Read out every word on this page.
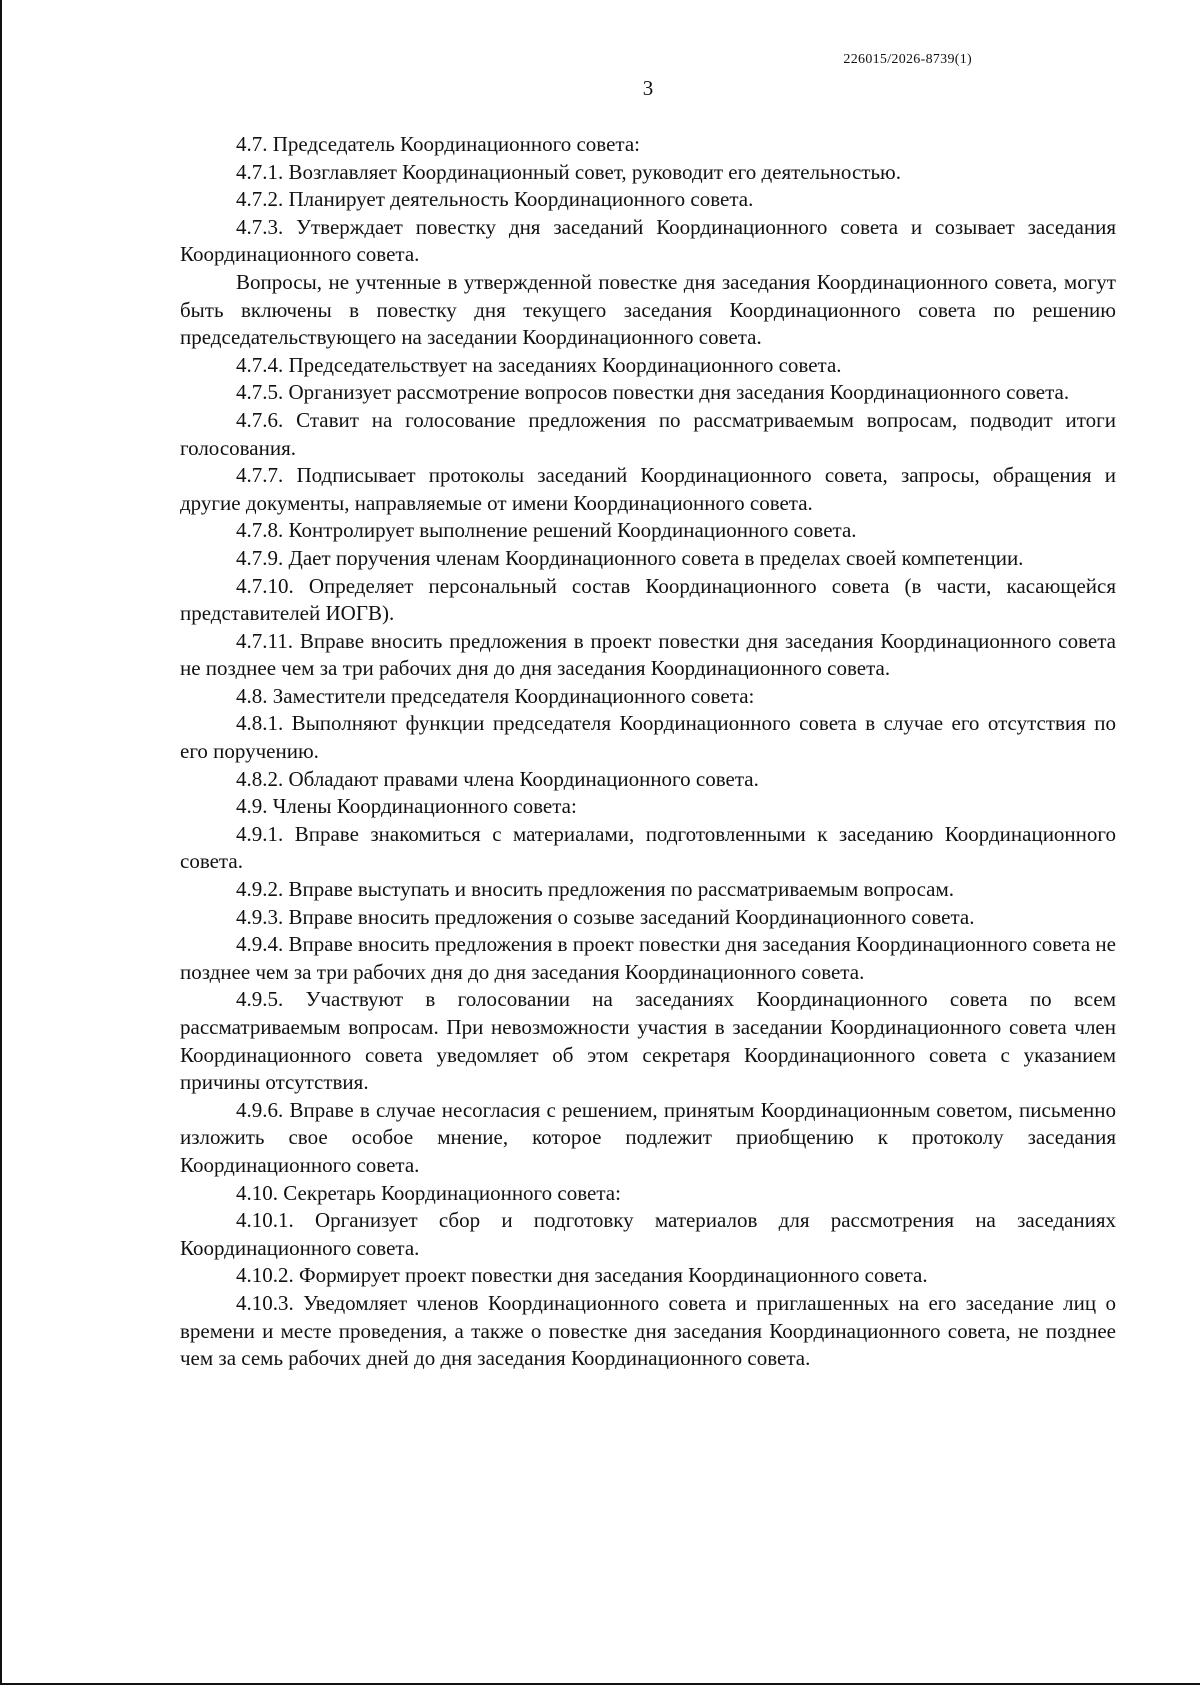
226015/2026-8739(1)
3

4.7. Председатель Координационного совета:

4.7.1. Возглавляет Координационный совет, руководит его деятельностью.

4.7.2. Планирует деятельность Координационного совета.

4.7.3. Утверждает повестку дня заседаний Координационного совета и созывает заседания Координационного совета.

Вопросы, не учтенные в утвержденной повестке дня заседания Координационного совета, могут быть включены в повестку дня текущего заседания Координационного совета по решению председательствующего на заседании Координационного совета.

4.7.4. Председательствует на заседаниях Координационного совета.

4.7.5. Организует рассмотрение вопросов повестки дня заседания Координационного совета.

4.7.6. Ставит на голосование предложения по рассматриваемым вопросам, подводит итоги голосования.

4.7.7. Подписывает протоколы заседаний Координационного совета, запросы, обращения и другие документы, направляемые от имени Координационного совета.

4.7.8. Контролирует выполнение решений Координационного совета.

4.7.9. Дает поручения членам Координационного совета в пределах своей компетенции.

4.7.10. Определяет персональный состав Координационного совета (в части, касающейся представителей ИОГВ).

4.7.11. Вправе вносить предложения в проект повестки дня заседания Координационного совета не позднее чем за три рабочих дня до дня заседания Координационного совета.

4.8. Заместители председателя Координационного совета:

4.8.1. Выполняют функции председателя Координационного совета в случае его отсутствия по его поручению.

4.8.2. Обладают правами члена Координационного совета.

4.9. Члены Координационного совета:

4.9.1. Вправе знакомиться с материалами, подготовленными к заседанию Координационного совета.

4.9.2. Вправе выступать и вносить предложения по рассматриваемым вопросам.

4.9.3. Вправе вносить предложения о созыве заседаний Координационного совета.

4.9.4. Вправе вносить предложения в проект повестки дня заседания Координационного совета не позднее чем за три рабочих дня до дня заседания Координационного совета.

4.9.5. Участвуют в голосовании на заседаниях Координационного совета по всем рассматриваемым вопросам. При невозможности участия в заседании Координационного совета член Координационного совета уведомляет об этом секретаря Координационного совета с указанием причины отсутствия.

4.9.6. Вправе в случае несогласия с решением, принятым Координационным советом, письменно изложить свое особое мнение, которое подлежит приобщению к протоколу заседания Координационного совета.

4.10. Секретарь Координационного совета:

4.10.1. Организует сбор и подготовку материалов для рассмотрения на заседаниях Координационного совета.

4.10.2. Формирует проект повестки дня заседания Координационного совета.

4.10.3. Уведомляет членов Координационного совета и приглашенных на его заседание лиц о времени и месте проведения, а также о повестке дня заседания Координационного совета, не позднее чем за семь рабочих дней до дня заседания Координационного совета.
